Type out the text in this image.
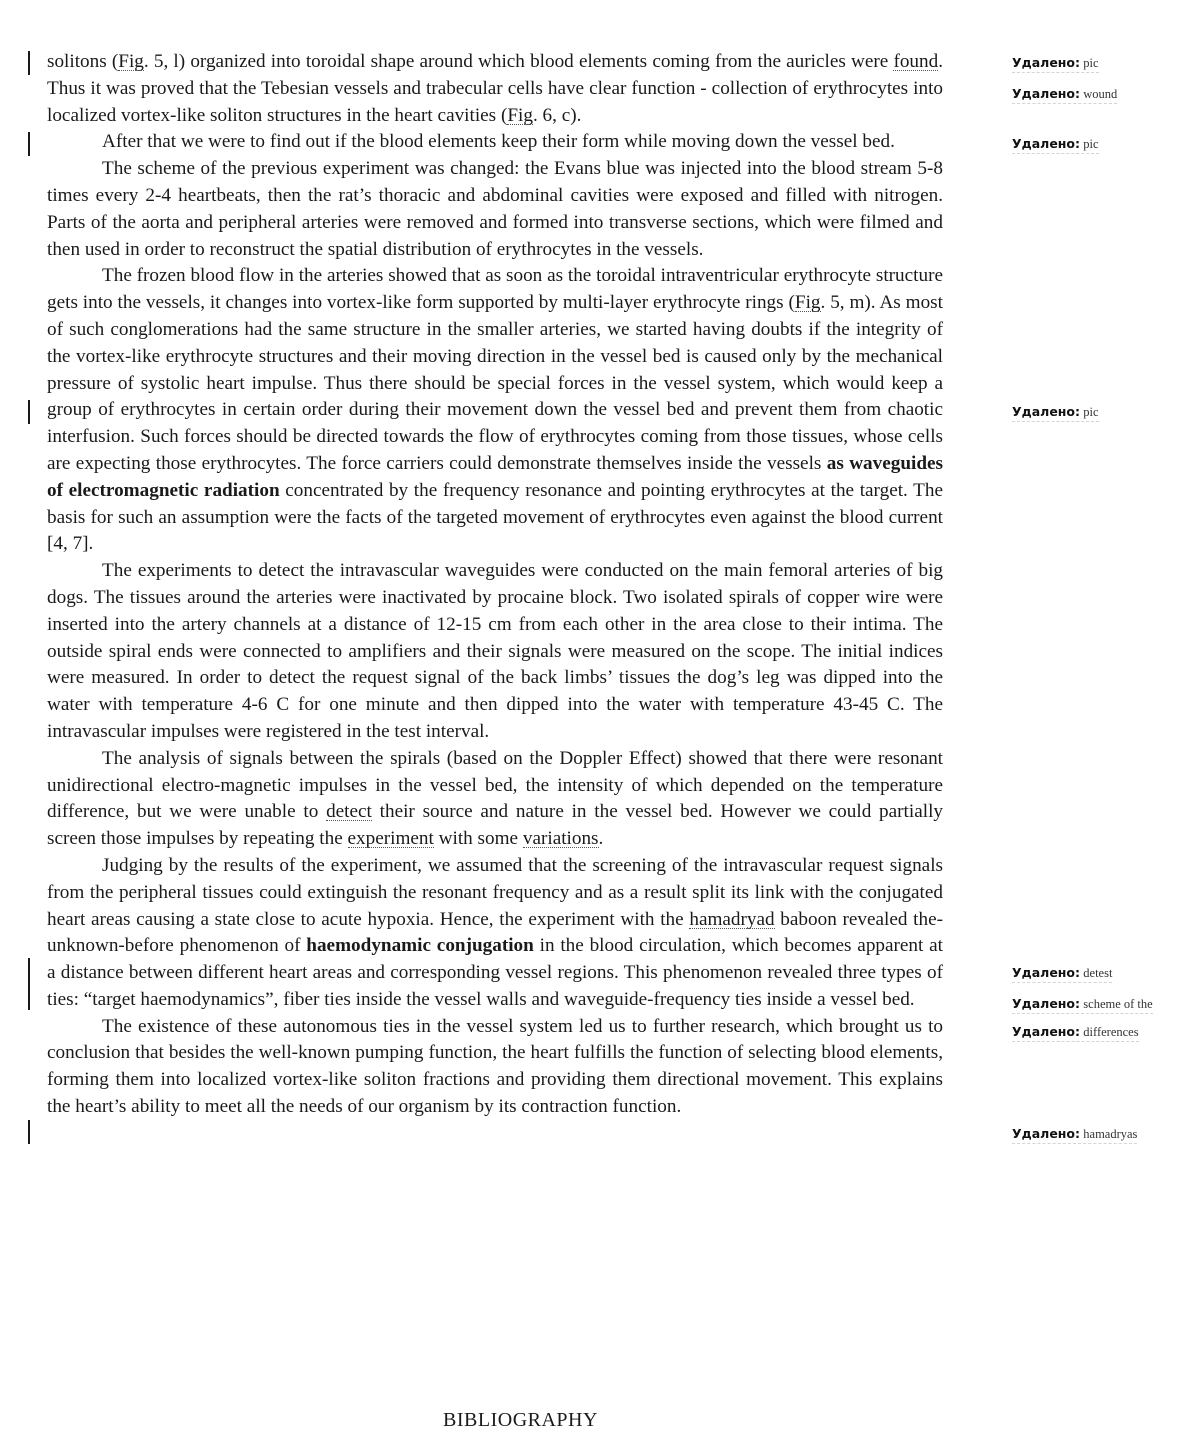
solitons (Fig. 5, l) organized into toroidal shape around which blood elements coming from the auricles were found. Thus it was proved that the Tebesian vessels and trabecular cells have clear function - collection of erythrocytes into localized vortex-like soliton structures in the heart cavities (Fig. 6, c).

After that we were to find out if the blood elements keep their form while moving down the vessel bed.

The scheme of the previous experiment was changed: the Evans blue was injected into the blood stream 5-8 times every 2-4 heartbeats, then the rat’s thoracic and abdominal cavities were exposed and filled with nitrogen. Parts of the aorta and peripheral arteries were removed and formed into transverse sections, which were filmed and then used in order to reconstruct the spatial distribution of erythrocytes in the vessels.

The frozen blood flow in the arteries showed that as soon as the toroidal intraventricular erythrocyte structure gets into the vessels, it changes into vortex-like form supported by multi-layer erythrocyte rings (Fig. 5, m). As most of such conglomerations had the same structure in the smaller arteries, we started having doubts if the integrity of the vortex-like erythrocyte structures and their moving direction in the vessel bed is caused only by the mechanical pressure of systolic heart impulse. Thus there should be special forces in the vessel system, which would keep a group of erythrocytes in certain order during their movement down the vessel bed and prevent them from chaotic interfusion. Such forces should be directed towards the flow of erythrocytes coming from those tissues, whose cells are expecting those erythrocytes. The force carriers could demonstrate themselves inside the vessels as waveguides of electromagnetic radiation concentrated by the frequency resonance and pointing erythrocytes at the target. The basis for such an assumption were the facts of the targeted movement of erythrocytes even against the blood current [4, 7].

The experiments to detect the intravascular waveguides were conducted on the main femoral arteries of big dogs. The tissues around the arteries were inactivated by procaine block. Two isolated spirals of copper wire were inserted into the artery channels at a distance of 12-15 cm from each other in the area close to their intima. The outside spiral ends were connected to amplifiers and their signals were measured on the scope. The initial indices were measured. In order to detect the request signal of the back limbs’ tissues the dog’s leg was dipped into the water with temperature 4-6 C for one minute and then dipped into the water with temperature 43-45 C. The intravascular impulses were registered in the test interval.

The analysis of signals between the spirals (based on the Doppler Effect) showed that there were resonant unidirectional electro-magnetic impulses in the vessel bed, the intensity of which depended on the temperature difference, but we were unable to detect their source and nature in the vessel bed. However we could partially screen those impulses by repeating the experiment with some variations.

Judging by the results of the experiment, we assumed that the screening of the intravascular request signals from the peripheral tissues could extinguish the resonant frequency and as a result split its link with the conjugated heart areas causing a state close to acute hypoxia. Hence, the experiment with the hamadryad baboon revealed the-unknown-before phenomenon of haemodynamic conjugation in the blood circulation, which becomes apparent at a distance between different heart areas and corresponding vessel regions. This phenomenon revealed three types of ties: “target haemodynamics”, fiber ties inside the vessel walls and waveguide-frequency ties inside a vessel bed.

The existence of these autonomous ties in the vessel system led us to further research, which brought us to conclusion that besides the well-known pumping function, the heart fulfills the function of selecting blood elements, forming them into localized vortex-like soliton fractions and providing them directional movement. This explains the heart’s ability to meet all the needs of our organism by its contraction function.

BIBLIOGRAPHY
Удалено: pic
Удалено: wound
Удалено: pic
Удалено: pic
Удалено: detest
Удалено: scheme of the
Удалено: differences
Удалено: hamadryas
